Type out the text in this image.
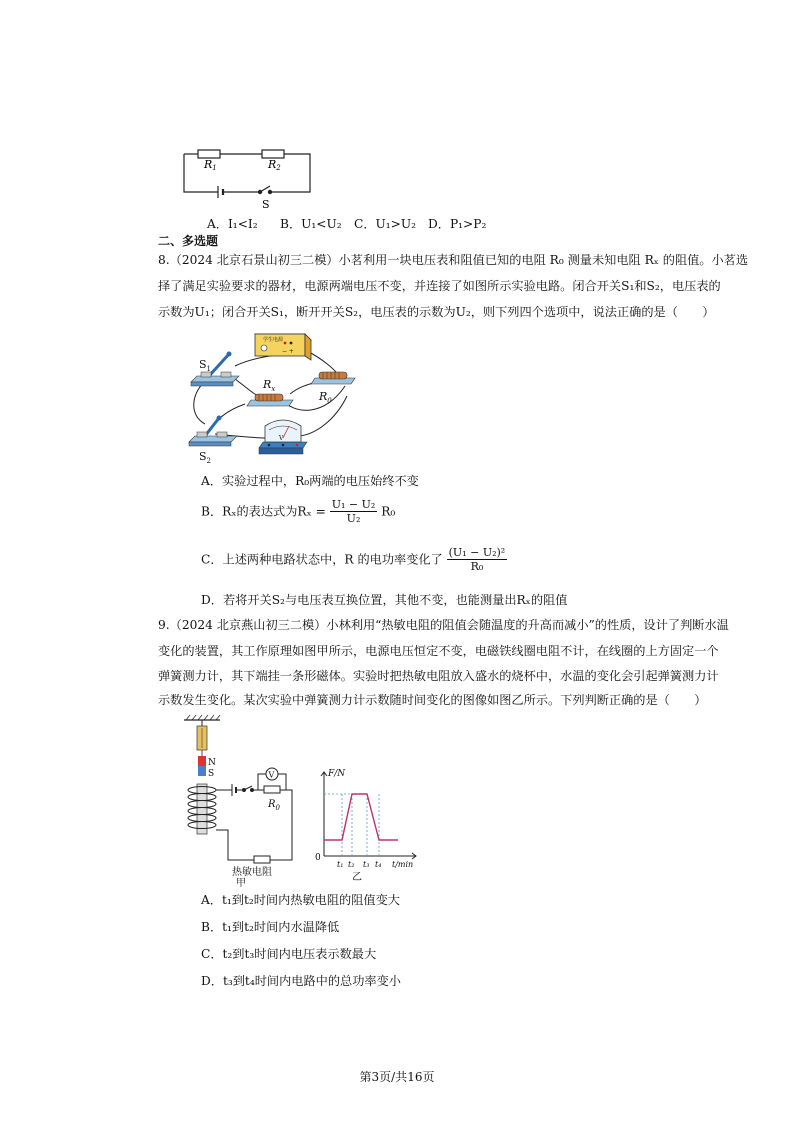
R1	R2
S
A．I₁<I₂ B．U₁<U₂ C．U₁>U₂ D．P₁>P₂
二、多选题
8.（2024 北京石景山初三二模）小茗利用一块电压表和阻值已知的电阻 R₀ 测量未知电阻 Rₓ 的阻值。小茗选
择了满足实验要求的器材，电源两端电压不变，并连接了如图所示实验电路。闭合开关S₁和S₂，电压表的
示数为U₁；闭合开关S₁，断开开关S₂，电压表的示数为U₂，则下列四个选项中，说法正确的是（　　）
学生电源
− +
$S_1$
$R_x$
$R_0$
$S_2$
V
A．实验过程中，R₀两端的电压始终不变
B．Rₓ的表达式为$R_x = \frac{\text{U₁ − U₂}}{\text{U₂}} R_0$
C．上述两种电路状态中，R 的电功率变化了 $\frac{\text{(U₁ − U₂)²}}{\text{R₀}}$
D．若将开关S₂与电压表互换位置，其他不变，也能测量出Rₓ的阻值
9.（2024 北京燕山初三二模）小林利用“热敏电阻的阻值会随温度的升高而减小”的性质，设计了判断水温
变化的装置，其工作原理如图甲所示，电源电压恒定不变，电磁铁线圈电阻不计，在线圈的上方固定一个
弹簧测力计，其下端挂一条形磁体。实验时把热敏电阻放入盛水的烧杯中，水温的变化会引起弹簧测力计
示数发生变化。某次实验中弹簧测力计示数随时间变化的图像如图乙所示。下列判断正确的是（　　）
N
S	V
$R_0$
热敏电阻
甲
F/N
0
t₁ t₂ t₃ t₄ t/min
乙
A．t₁到t₂时间内热敏电阻的阻值变大
B．t₁到t₂时间内水温降低
C．t₂到t₃时间内电压表示数最大
D．t₃到t₄时间内电路中的总功率变小
第3页/共16页
